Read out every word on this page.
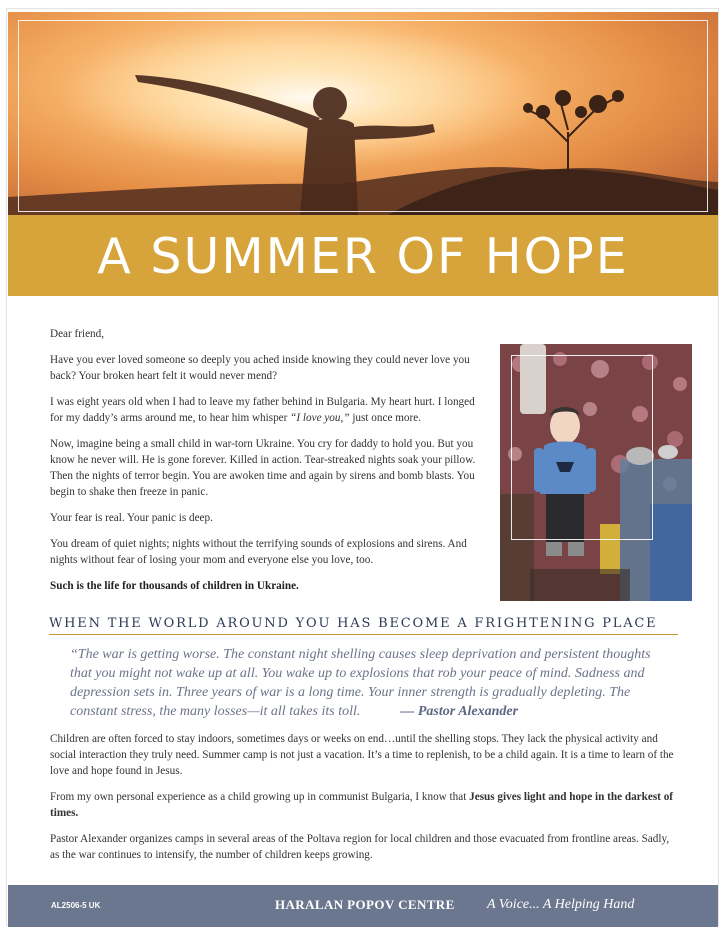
A SUMMER OF HOPE

Dear friend,

Have you ever loved someone so deeply you ached inside knowing they could never love you back? Your broken heart felt it would never mend?

I was eight years old when I had to leave my father behind in Bulgaria. My heart hurt. I longed for my daddy’s arms around me, to hear him whisper “I love you,” just once more.

Now, imagine being a small child in war-torn Ukraine. You cry for daddy to hold you. But you know he never will. He is gone forever. Killed in action. Tear-streaked nights soak your pillow. Then the nights of terror begin. You are awoken time and again by sirens and bomb blasts. You begin to shake then freeze in panic.

Your fear is real. Your panic is deep.

You dream of quiet nights; nights without the terrifying sounds of explosions and sirens. And nights without fear of losing your mom and everyone else you love, too.

Such is the life for thousands of children in Ukraine.

WHEN THE WORLD AROUND YOU HAS BECOME A FRIGHTENING PLACE
“The war is getting worse. The constant night shelling causes sleep deprivation and persistent thoughts that you might not wake up at all. You wake up to explosions that rob your peace of mind. Sadness and depression sets in. Three years of war is a long time. Your inner strength is gradually depleting. The constant stress, the many losses—it all takes its toll.	— Pastor Alexander

Children are often forced to stay indoors, sometimes days or weeks on end…until the shelling stops. They lack the physical activity and social interaction they truly need. Summer camp is not just a vacation. It’s a time to replenish, to be a child again. It is a time to learn of the love and hope found in Jesus.

From my own personal experience as a child growing up in communist Bulgaria, I know that Jesus gives light and hope in the darkest of times.

Pastor Alexander organizes camps in several areas of the Poltava region for local children and those evacuated from frontline areas. Sadly, as the war continues to intensify, the number of children keeps growing.

AL2506-5 UK	HARALAN POPOV CENTRE A Voice... A Helping Hand
